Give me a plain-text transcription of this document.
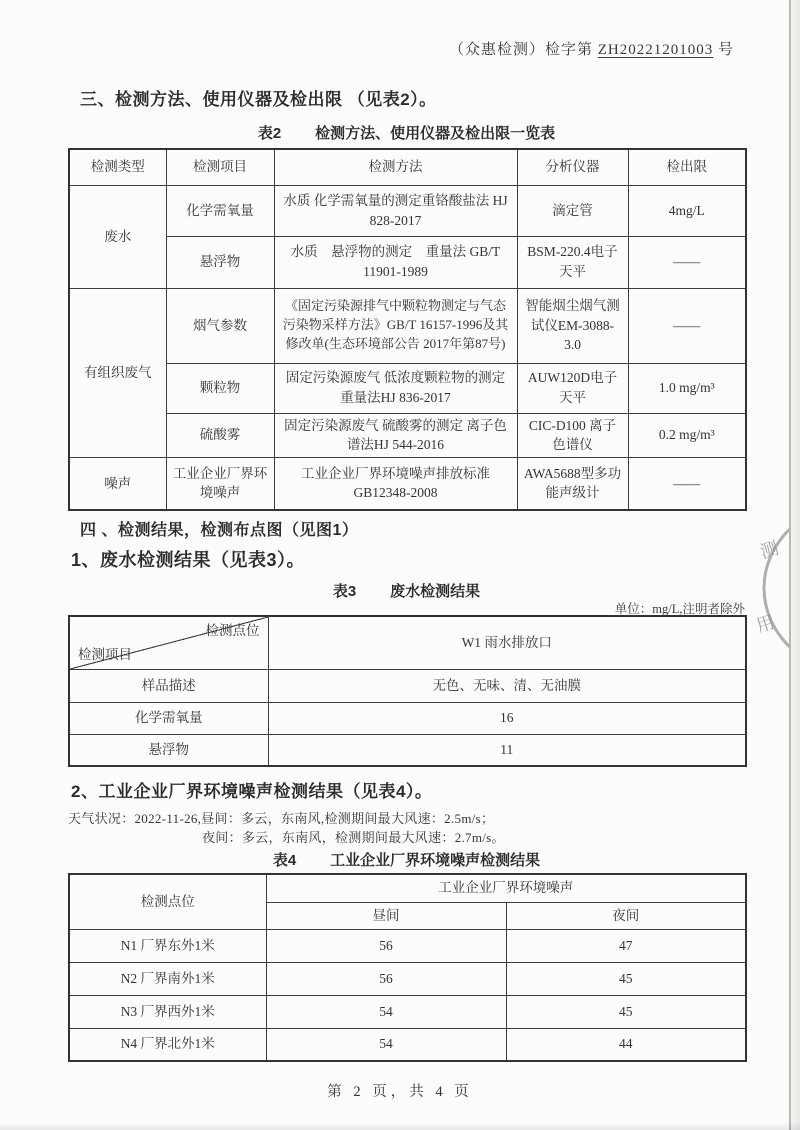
（众惠检测）检字第 ZH20221201003 号
三、检测方法、使用仪器及检出限 （见表2）。
表2 检测方法、使用仪器及检出限一览表
检测类型	检测项目	检测方法	分析仪器	检出限
废水	化学需氧量	水质 化学需氧量的测定重铬酸盐法 HJ 828-2017	滴定管	4mg/L
	悬浮物	水质　悬浮物的测定　重量法 GB/T 11901-1989	BSM-220.4电子天平	——
有组织废气	烟气参数	《固定污染源排气中颗粒物测定与气态污染物采样方法》GB/T 16157-1996及其修改单(生态环境部公告 2017年第87号)	智能烟尘烟气测试仪EM-3088-3.0	——
	颗粒物	固定污染源废气 低浓度颗粒物的测定 重量法HJ 836-2017	AUW120D电子天平	1.0 mg/m³
	硫酸雾	固定污染源废气 硫酸雾的测定 离子色谱法HJ 544-2016	CIC-D100 离子色谱仪	0.2 mg/m³
噪声	工业企业厂界环境噪声	工业企业厂界环境噪声排放标准 GB12348-2008	AWA5688型多功能声级计	——
四 、检测结果，检测布点图（见图1）
1、废水检测结果（见表3）。
表3 废水检测结果
单位：mg/L,注明者除外
检测点位
检测项目	W1 雨水排放口
样品描述	无色、无味、清、无油膜
化学需氧量	16
悬浮物	11
2、工业企业厂界环境噪声检测结果（见表4）。
天气状况：2022-11-26,昼间：多云，东南风,检测期间最大风速：2.5m/s；
夜间：多云，东南风，检测期间最大风速：2.7m/s。
表4 工业企业厂界环境噪声检测结果
检测点位	工业企业厂界环境噪声	
	昼间	夜间
N1 厂界东外1米	56	47
N2 厂界南外1米	56	45
N3 厂界西外1米	54	45
N4 厂界北外1米	54	44
第 2 页，共 4 页
测
用
